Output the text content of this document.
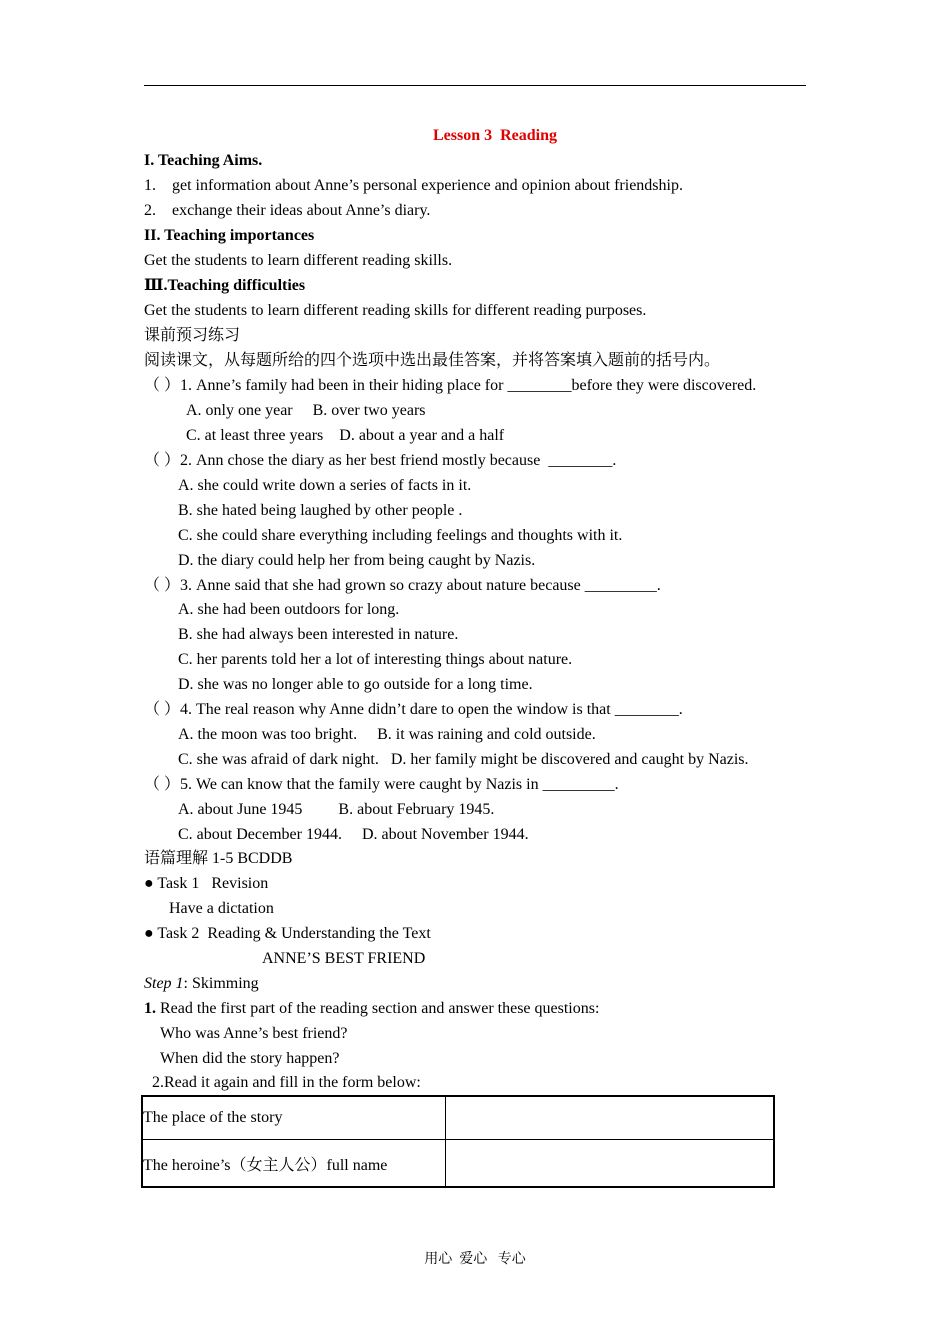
Lesson 3  Reading
I. Teaching Aims.
1.    get information about Anne’s personal experience and opinion about friendship.
2.    exchange their ideas about Anne’s diary.
II. Teaching importances
Get the students to learn different reading skills.
Ⅲ.Teaching difficulties
Get the students to learn different reading skills for different reading purposes.
课前预习练习
阅读课文，从每题所给的四个选项中选出最佳答案，并将答案填入题前的括号内。
（ ）1. Anne’s family had been in their hiding place for ________before they were discovered.
A. only one year     B. over two years
C. at least three years    D. about a year and a half
（ ）2. Ann chose the diary as her best friend mostly because  ________.
A. she could write down a series of facts in it.
B. she hated being laughed by other people .
C. she could share everything including feelings and thoughts with it.
D. the diary could help her from being caught by Nazis.
（ ）3. Anne said that she had grown so crazy about nature because _________.
A. she had been outdoors for long.
B. she had always been interested in nature.
C. her parents told her a lot of interesting things about nature.
D. she was no longer able to go outside for a long time.
（ ）4. The real reason why Anne didn’t dare to open the window is that ________.
A. the moon was too bright.     B. it was raining and cold outside.
C. she was afraid of dark night.   D. her family might be discovered and caught by Nazis.
（ ）5. We can know that the family were caught by Nazis in _________.
A. about June 1945         B. about February 1945.
C. about December 1944.     D. about November 1944.
语篇理解 1-5 BCDDB
● Task 1   Revision
Have a dictation
● Task 2  Reading & Understanding the Text
ANNE’S BEST FRIEND
Step 1: Skimming
1. Read the first part of the reading section and answer these questions:
Who was Anne’s best friend?
When did the story happen?
2.Read it again and fill in the form below:
The place of the story	
The heroine’s（女主人公）full name	
用心  爱心   专心
